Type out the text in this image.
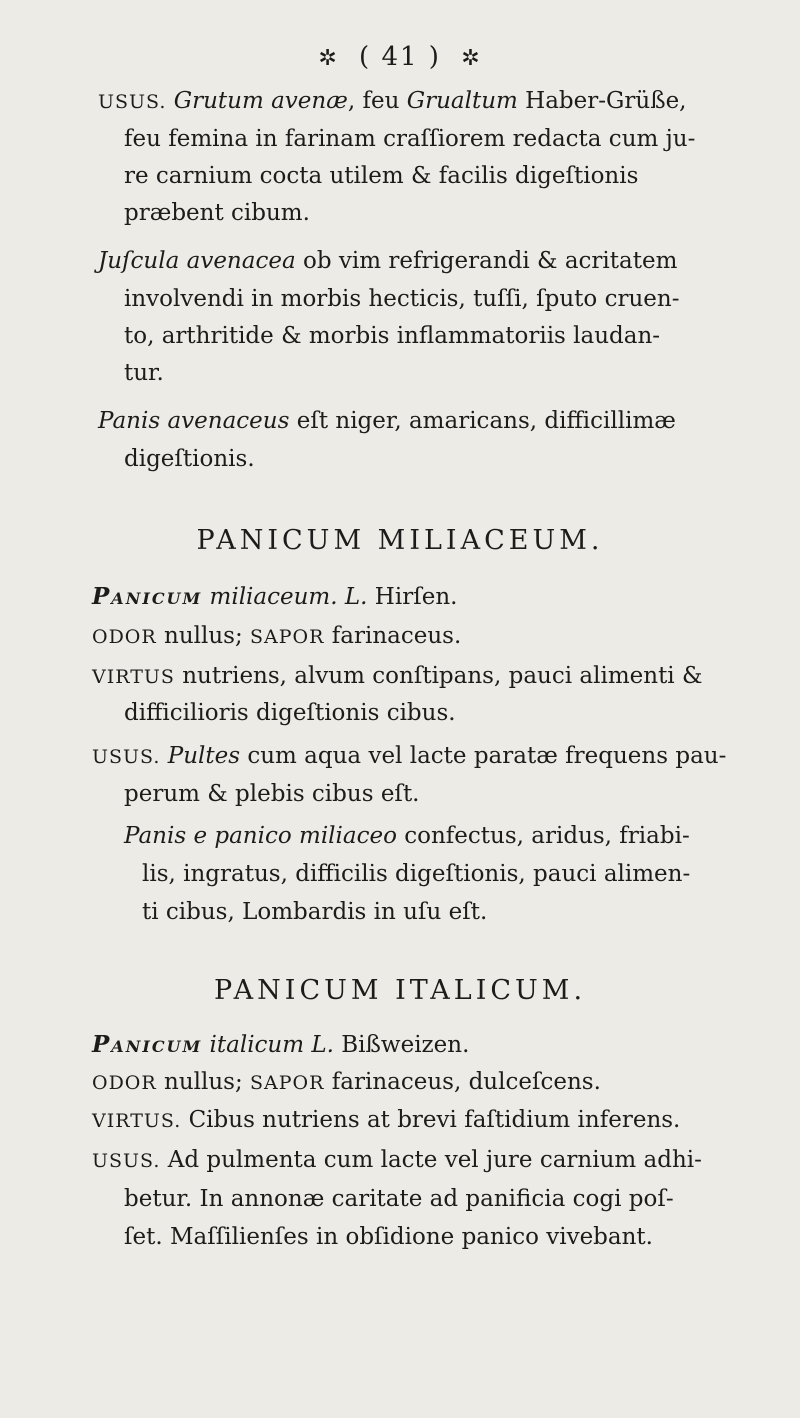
✲ ( 41 ) ✲
USUS. Grutum avenæ, feu Grualtum Haber-Grüße,
feu femina in farinam craſſiorem redacta cum ju-
re carnium cocta utilem & facilis digeſtionis
præbent cibum.
Juſcula avenacea ob vim refrigerandi & acritatem
involvendi in morbis hecticis, tuſſi, ſputo cruen-
to, arthritide & morbis inflammatoriis laudan-
tur.
Panis avenaceus eſt niger, amaricans, difficillimæ
digeſtionis.
PANICUM MILIACEUM.
Panicum miliaceum. L. Hirſen.
ODOR nullus; SAPOR farinaceus.
VIRTUS nutriens, alvum conſtipans, pauci alimenti &
difficilioris digeſtionis cibus.
USUS. Pultes cum aqua vel lacte paratæ frequens pau-
perum & plebis cibus eſt.
Panis e panico miliaceo confectus, aridus, friabi-
lis, ingratus, difficilis digeſtionis, pauci alimen-
ti cibus, Lombardis in uſu eſt.
PANICUM ITALICUM.
Panicum italicum L. Bißweizen.
ODOR nullus; SAPOR farinaceus, dulceſcens.
VIRTUS. Cibus nutriens at brevi faſtidium inferens.
USUS. Ad pulmenta cum lacte vel jure carnium adhi-
betur. In annonæ caritate ad panificia cogi poſ-
ſet. Maſſilienſes in obſidione panico vivebant.
